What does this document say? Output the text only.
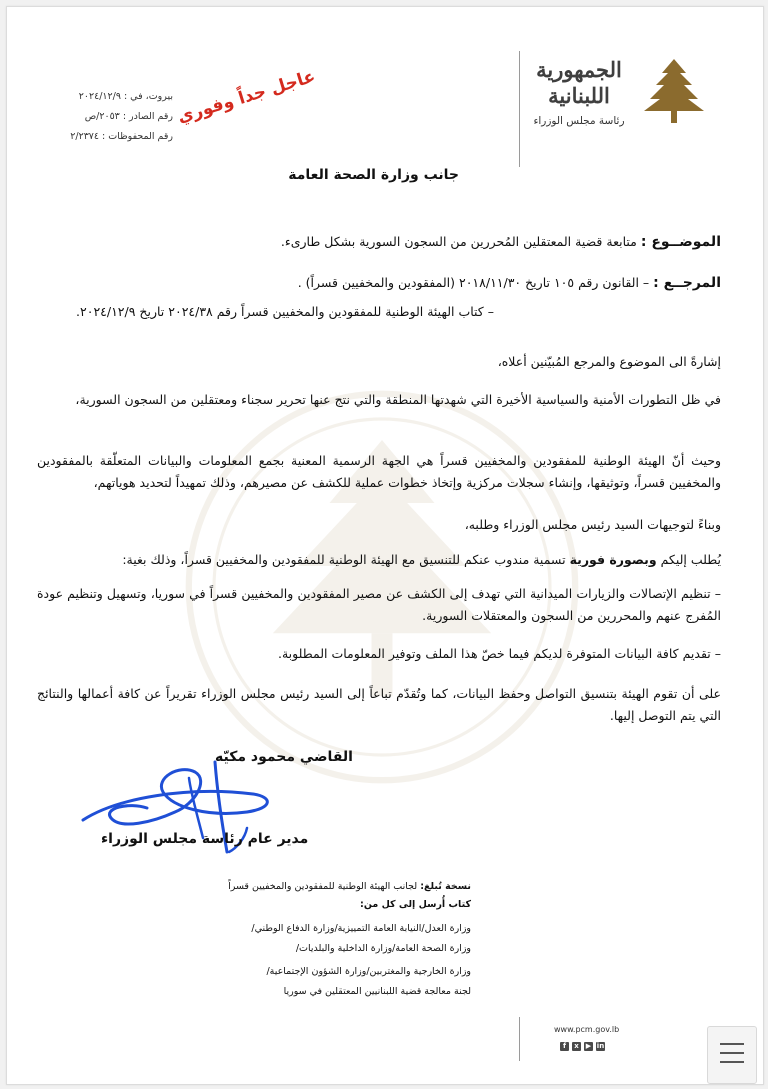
الجمهورية
اللبنانية
رئاسة مجلس الوزراء
بيروت، في : ٢٠٢٤/١٢/٩
رقم الصادر : ٢٠٥٣/ص
رقم المحفوظات : ٢/٢٣٧٤
عاجل جداً وفوري
جانب وزارة الصحة العامة
الموضــوع : متابعة قضية المعتقلين المُحررين من السجون السورية بشكل طارىء.
المرجــع : – القانون رقم ١٠٥ تاريخ ٢٠١٨/١١/٣٠ (المفقودين والمخفيين قسراً) .
– كتاب الهيئة الوطنية للمفقودين والمخفيين قسراً رقم ٢٠٢٤/٣٨ تاريخ ٢٠٢٤/١٢/٩.
إشارةً الى الموضوع والمرجع المُبيّنين أعلاه،
في ظل التطورات الأمنية والسياسية الأخيرة التي شهدتها المنطقة والتي نتج عنها تحرير سجناء ومعتقلين من السجون السورية،
وحيث أنّ الهيئة الوطنية للمفقودين والمخفيين قسراً هي الجهة الرسمية المعنية بجمع المعلومات والبيانات المتعلّقة بالمفقودين والمخفيين قسراً، وتوثيقها، وإنشاء سجلات مركزية وإتخاذ خطوات عملية للكشف عن مصيرهم، وذلك تمهيداً لتحديد هوياتهم،
وبناءً لتوجيهات السيد رئيس مجلس الوزراء وطلبه،
يُطلب إليكم وبصورة فورية تسمية مندوب عنكم للتنسيق مع الهيئة الوطنية للمفقودين والمخفيين قسراً، وذلك بغية:
– تنظيم الإتصالات والزيارات الميدانية التي تهدف إلى الكشف عن مصير المفقودين والمخفيين قسراً في سوريا، وتسهيل وتنظيم عودة المُفرج عنهم والمحررين من السجون والمعتقلات السورية.
– تقديم كافة البيانات المتوفرة لديكم فيما خصّ هذا الملف وتوفير المعلومات المطلوبة.
على أن تقوم الهيئة بتنسيق التواصل وحفظ البيانات، كما وتُقدّم تباعاً إلى السيد رئيس مجلس الوزراء تقريراً عن كافة أعمالها والنتائج التي يتم التوصل إليها.
القاضي محمود مكيّه
مدير عام رئاسة مجلس الوزراء
نسخة تُبلغ: لجانب الهيئة الوطنية للمفقودين والمخفيين قسراً
كتاب أُرسل إلى كل من:
وزارة العدل/النيابة العامة التمييزية/وزارة الدفاع الوطني/
وزارة الصحة العامة/وزارة الداخلية والبلديات/
وزارة الخارجية والمغتربين/وزارة الشؤون الإجتماعية/
لجنة معالجة قضية اللبنانيين المعتقلين في سوريا
www.pcm.gov.lb
f	x	▶ in
